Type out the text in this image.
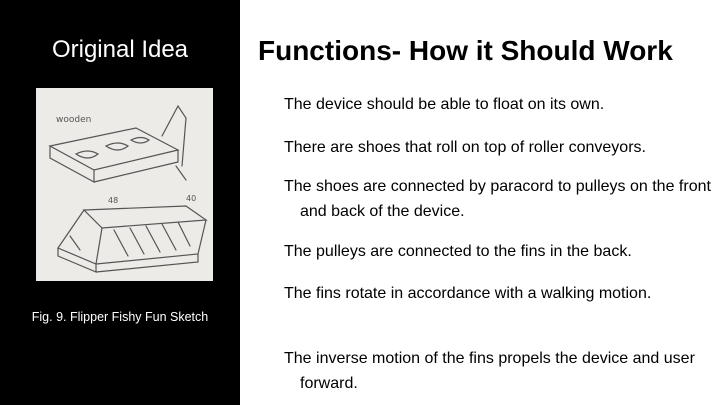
Original Idea
wooden
48	40
Fig. 9. Flipper Fishy Fun Sketch
Functions- How it Should Work
The device should be able to float on its own.
There are shoes that roll on top of roller conveyors.
The shoes are connected by paracord to pulleys on the front and back of the device.
The pulleys are connected to the fins in the back.
The fins rotate in accordance with a walking motion.
The inverse motion of the fins propels the device and user forward.
